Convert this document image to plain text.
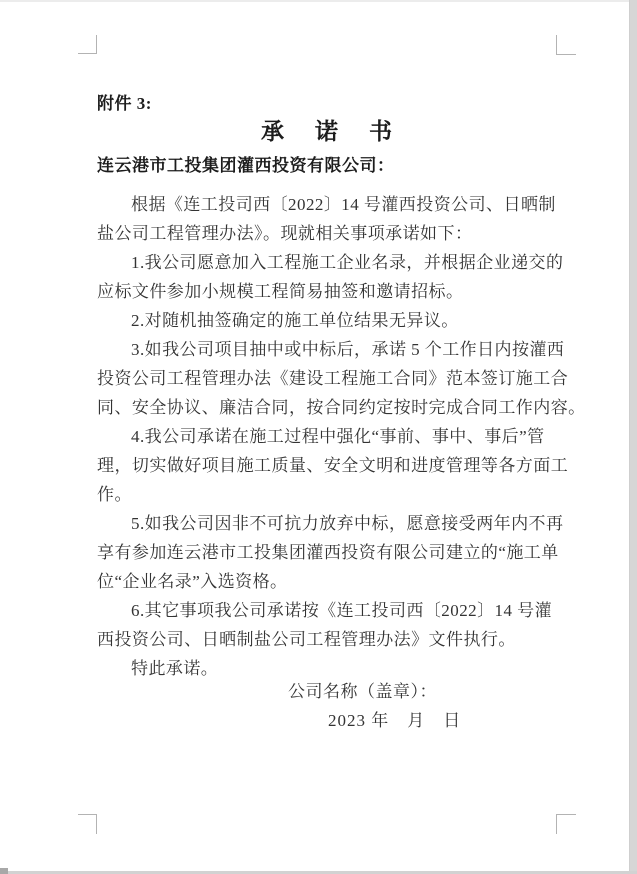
附件 3:
承 诺 书
连云港市工投集团灌西投资有限公司：
根据《连工投司西〔2022〕14 号灌西投资公司、日晒制
盐公司工程管理办法》。现就相关事项承诺如下：
1.我公司愿意加入工程施工企业名录，并根据企业递交的
应标文件参加小规模工程简易抽签和邀请招标。
2.对随机抽签确定的施工单位结果无异议。
3.如我公司项目抽中或中标后，承诺 5 个工作日内按灌西
投资公司工程管理办法《建设工程施工合同》范本签订施工合
同、安全协议、廉洁合同，按合同约定按时完成合同工作内容。
4.我公司承诺在施工过程中强化“事前、事中、事后”管
理，切实做好项目施工质量、安全文明和进度管理等各方面工
作。
5.如我公司因非不可抗力放弃中标，愿意接受两年内不再
享有参加连云港市工投集团灌西投资有限公司建立的“施工单
位“企业名录”入选资格。
6.其它事项我公司承诺按《连工投司西〔2022〕14 号灌
西投资公司、日晒制盐公司工程管理办法》文件执行。
特此承诺。
公司名称（盖章）：
2023 年　月　日
